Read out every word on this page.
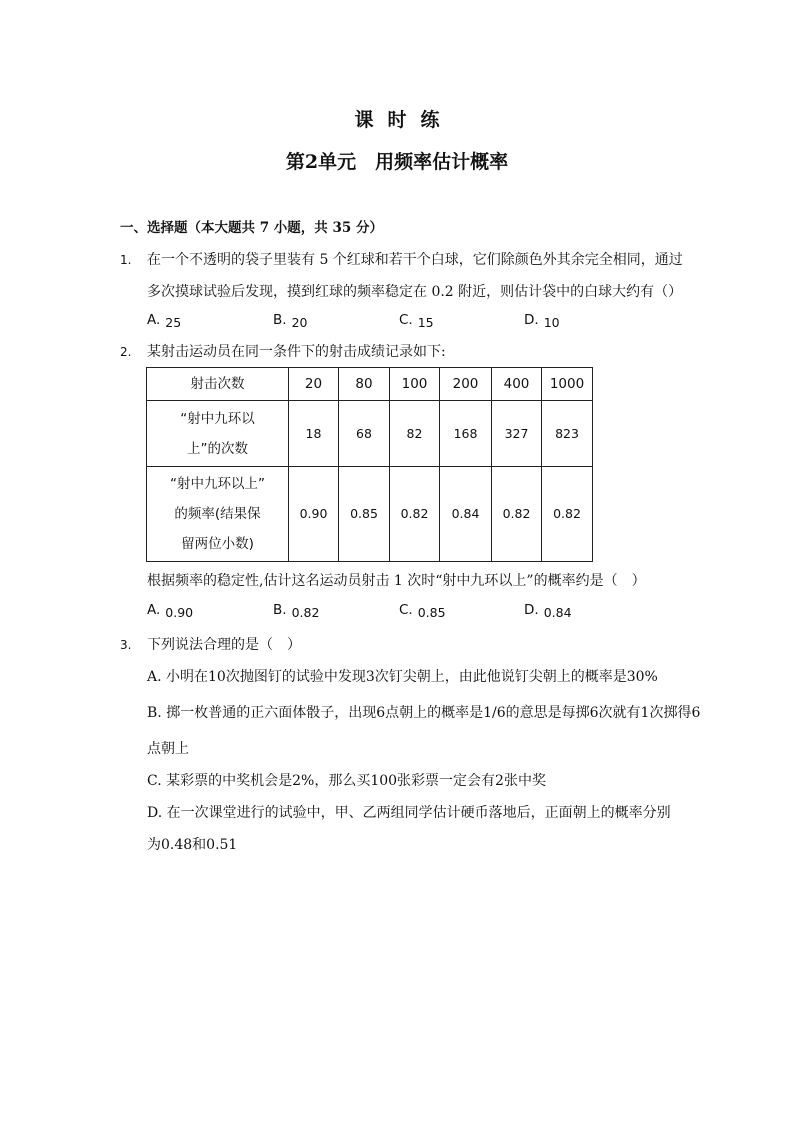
课时练
第2单元　用频率估计概率
一、选择题（本大题共 7 小题，共 35 分）
1. 在一个不透明的袋子里装有 5 个红球和若干个白球，它们除颜色外其余完全相同，通过
多次摸球试验后发现，摸到红球的频率稳定在 0.2 附近，则估计袋中的白球大约有（）
A. 25	B. 20	C. 15	D. 10
2. 某射击运动员在同一条件下的射击成绩记录如下:
射击次数	20	80	100	200	400	1000

“射中九环以
上”的次数	18	68	82	168	327	823

“射中九环以上”
的频率(结果保
留两位小数)	0.90	0.85	0.82	0.84	0.82	0.82
根据频率的稳定性,估计这名运动员射击 1 次时“射中九环以上”的概率约是（　）
A. 0.90	B. 0.82	C. 0.85	D. 0.84
3. 下列说法合理的是（　）
A. 小明在10次抛图钉的试验中发现3次钉尖朝上，由此他说钉尖朝上的概率是30%
B. 掷一枚普通的正六面体骰子，出现6点朝上的概率是1/6的意思是每掷6次就有1次掷得6
点朝上
C. 某彩票的中奖机会是2%，那么买100张彩票一定会有2张中奖
D. 在一次课堂进行的试验中，甲、乙两组同学估计硬币落地后，正面朝上的概率分别
为0.48和0.51
